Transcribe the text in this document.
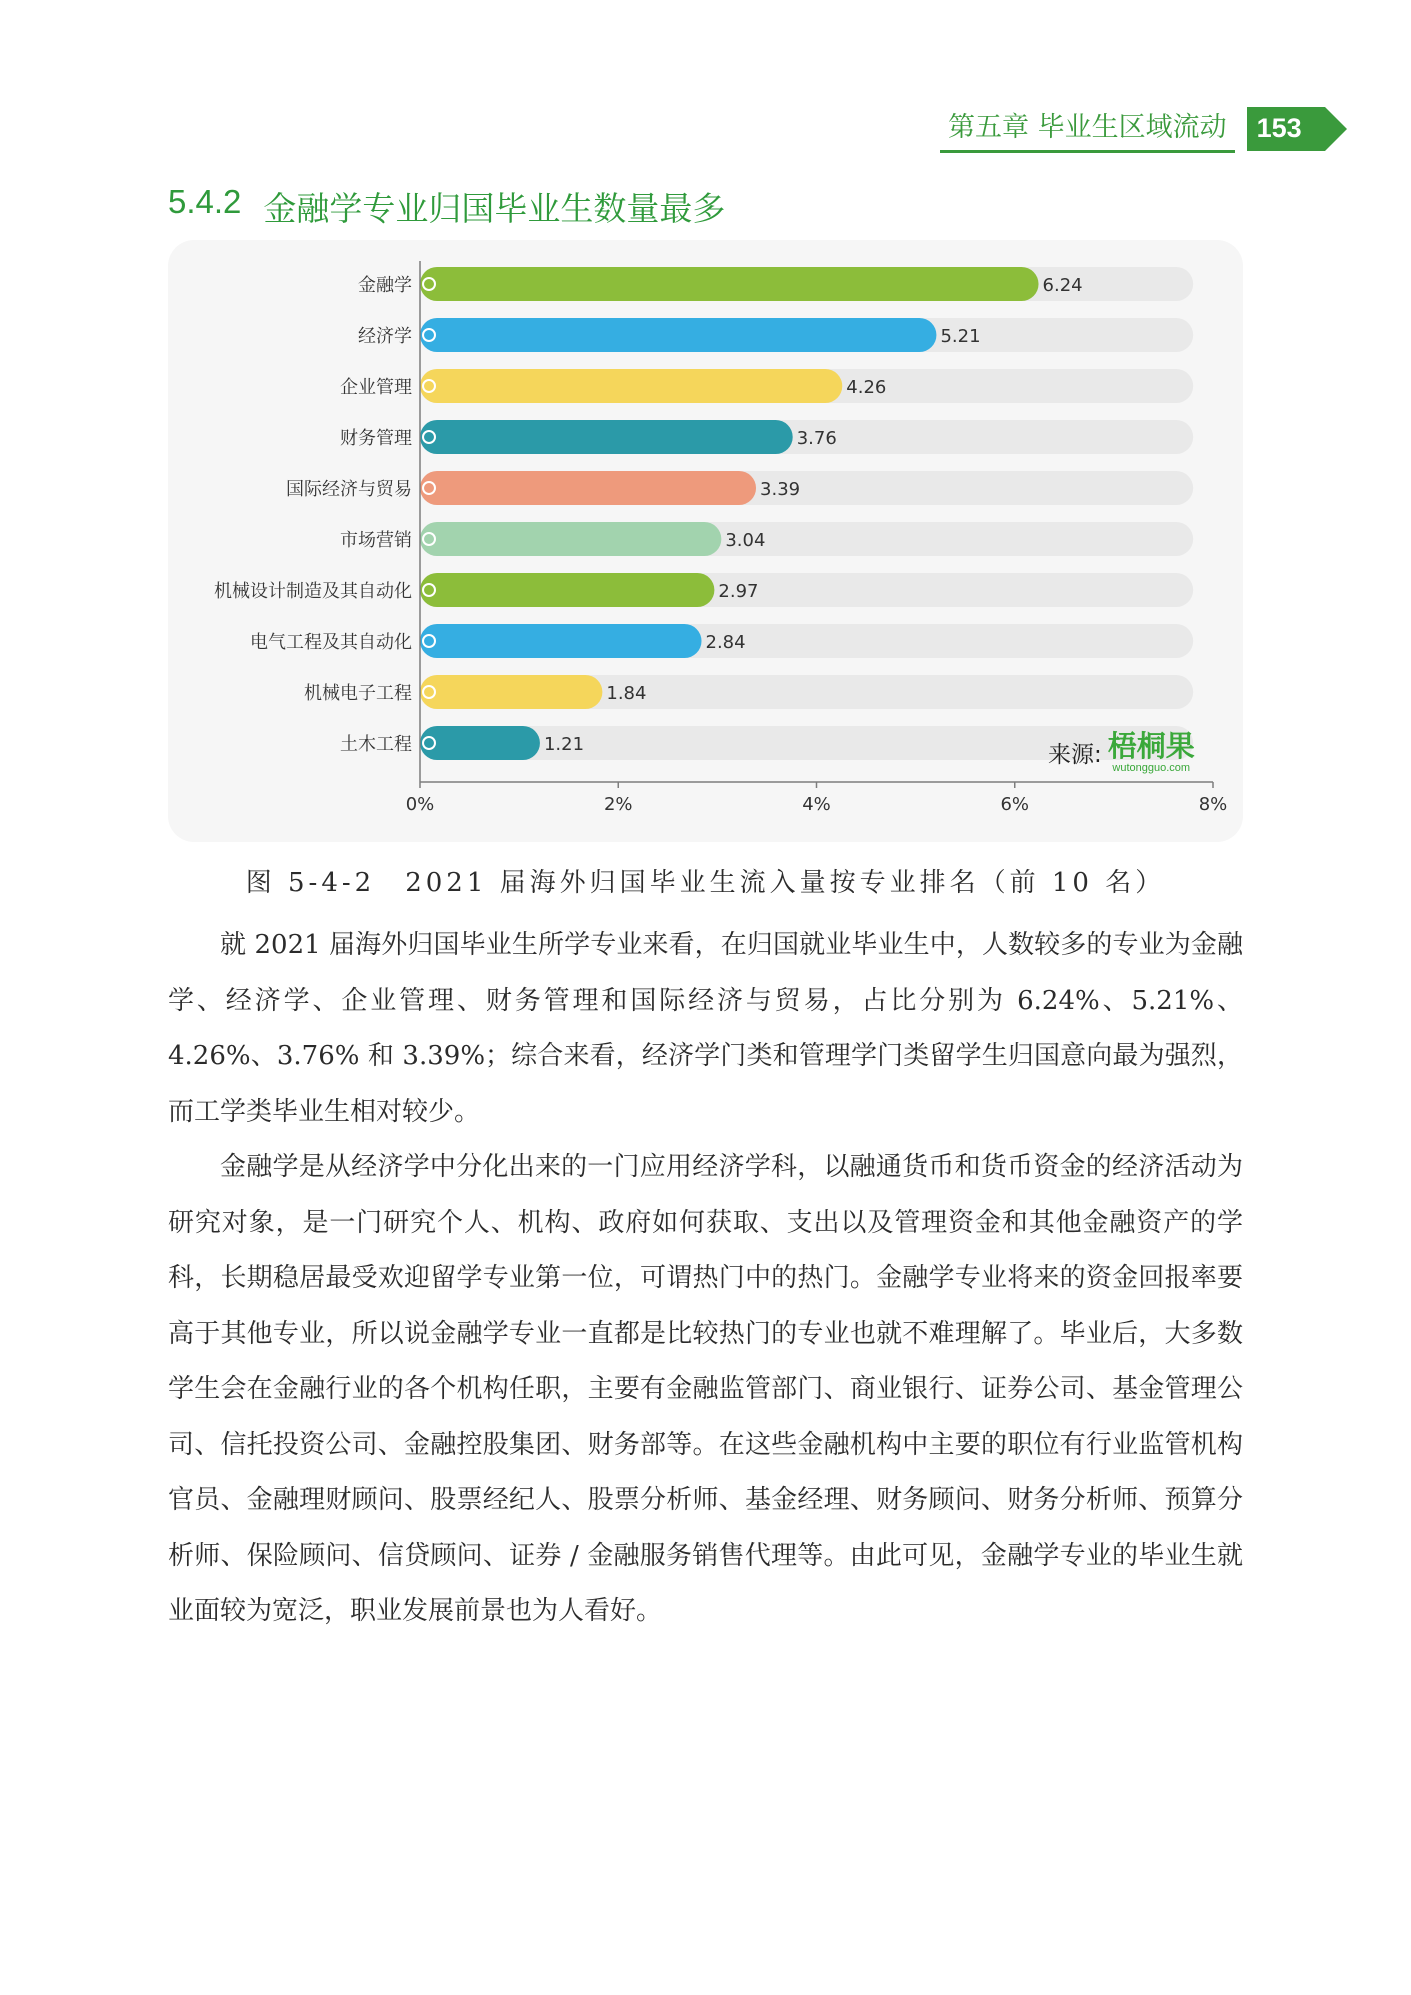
第五章 毕业生区域流动 153
5.4.2 金融学专业归国毕业生数量最多
金融学	6.24
经济学	5.21
企业管理	4.26
财务管理	3.76
国际经济与贸易	3.39
市场营销	3.04
机械设计制造及其自动化	2.97
电气工程及其自动化	2.84
机械电子工程	1.84
土木工程	1.21
0%	2%	4%	6%	8%
来源: 梧桐果
wutongguo.com
图 5-4-2　2021 届海外归国毕业生流入量按专业排名（前 10 名）

就 2021 届海外归国毕业生所学专业来看，在归国就业毕业生中，人数较多的专业为金融学、经济学、企业管理、财务管理和国际经济与贸易，占比分别为 6.24%、5.21%、4.26%、3.76% 和 3.39%；综合来看，经济学门类和管理学门类留学生归国意向最为强烈，而工学类毕业生相对较少。

金融学是从经济学中分化出来的一门应用经济学科，以融通货币和货币资金的经济活动为研究对象，是一门研究个人、机构、政府如何获取、支出以及管理资金和其他金融资产的学科，长期稳居最受欢迎留学专业第一位，可谓热门中的热门。金融学专业将来的资金回报率要高于其他专业，所以说金融学专业一直都是比较热门的专业也就不难理解了。毕业后，大多数学生会在金融行业的各个机构任职，主要有金融监管部门、商业银行、证券公司、基金管理公司、信托投资公司、金融控股集团、财务部等。在这些金融机构中主要的职位有行业监管机构官员、金融理财顾问、股票经纪人、股票分析师、基金经理、财务顾问、财务分析师、预算分析师、保险顾问、信贷顾问、证券 / 金融服务销售代理等。由此可见，金融学专业的毕业生就业面较为宽泛，职业发展前景也为人看好。
